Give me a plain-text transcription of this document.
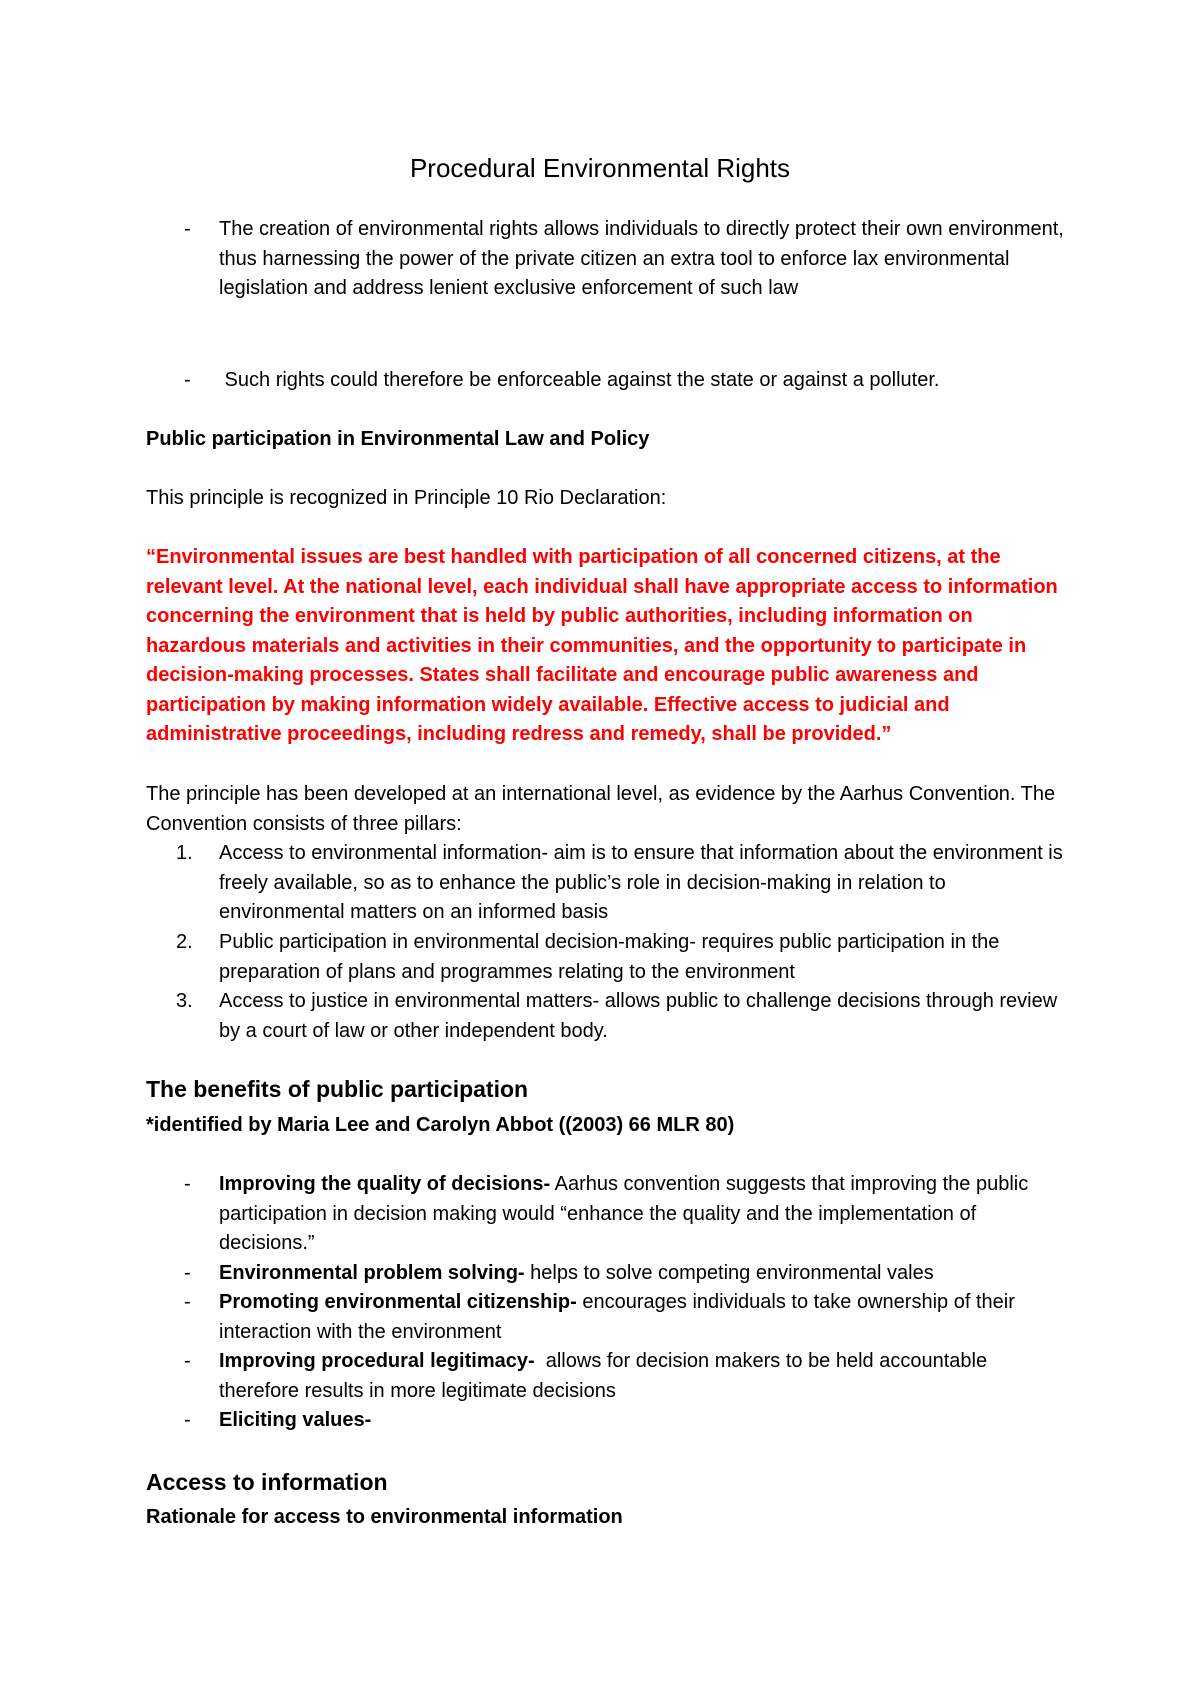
Procedural Environmental Rights
- The creation of environmental rights allows individuals to directly protect their own environment, thus harnessing the power of the private citizen an extra tool to enforce lax environmental legislation and address lenient exclusive enforcement of such law
- Such rights could therefore be enforceable against the state or against a polluter.
Public participation in Environmental Law and Policy
This principle is recognized in Principle 10 Rio Declaration:
“Environmental issues are best handled with participation of all concerned citizens, at the relevant level. At the national level, each individual shall have appropriate access to information concerning the environment that is held by public authorities, including information on hazardous materials and activities in their communities, and the opportunity to participate in decision-making processes. States shall facilitate and encourage public awareness and participation by making information widely available. Effective access to judicial and administrative proceedings, including redress and remedy, shall be provided.”
The principle has been developed at an international level, as evidence by the Aarhus Convention. The Convention consists of three pillars:
1. Access to environmental information- aim is to ensure that information about the environment is freely available, so as to enhance the public’s role in decision-making in relation to environmental matters on an informed basis
2. Public participation in environmental decision-making- requires public participation in the preparation of plans and programmes relating to the environment
3. Access to justice in environmental matters- allows public to challenge decisions through review by a court of law or other independent body.
The benefits of public participation
*identified by Maria Lee and Carolyn Abbot ((2003) 66 MLR 80)
- Improving the quality of decisions- Aarhus convention suggests that improving the public participation in decision making would “enhance the quality and the implementation of decisions.”
- Environmental problem solving- helps to solve competing environmental vales
- Promoting environmental citizenship- encourages individuals to take ownership of their interaction with the environment
- Improving procedural legitimacy-  allows for decision makers to be held accountable therefore results in more legitimate decisions
- Eliciting values-
Access to information
Rationale for access to environmental information
